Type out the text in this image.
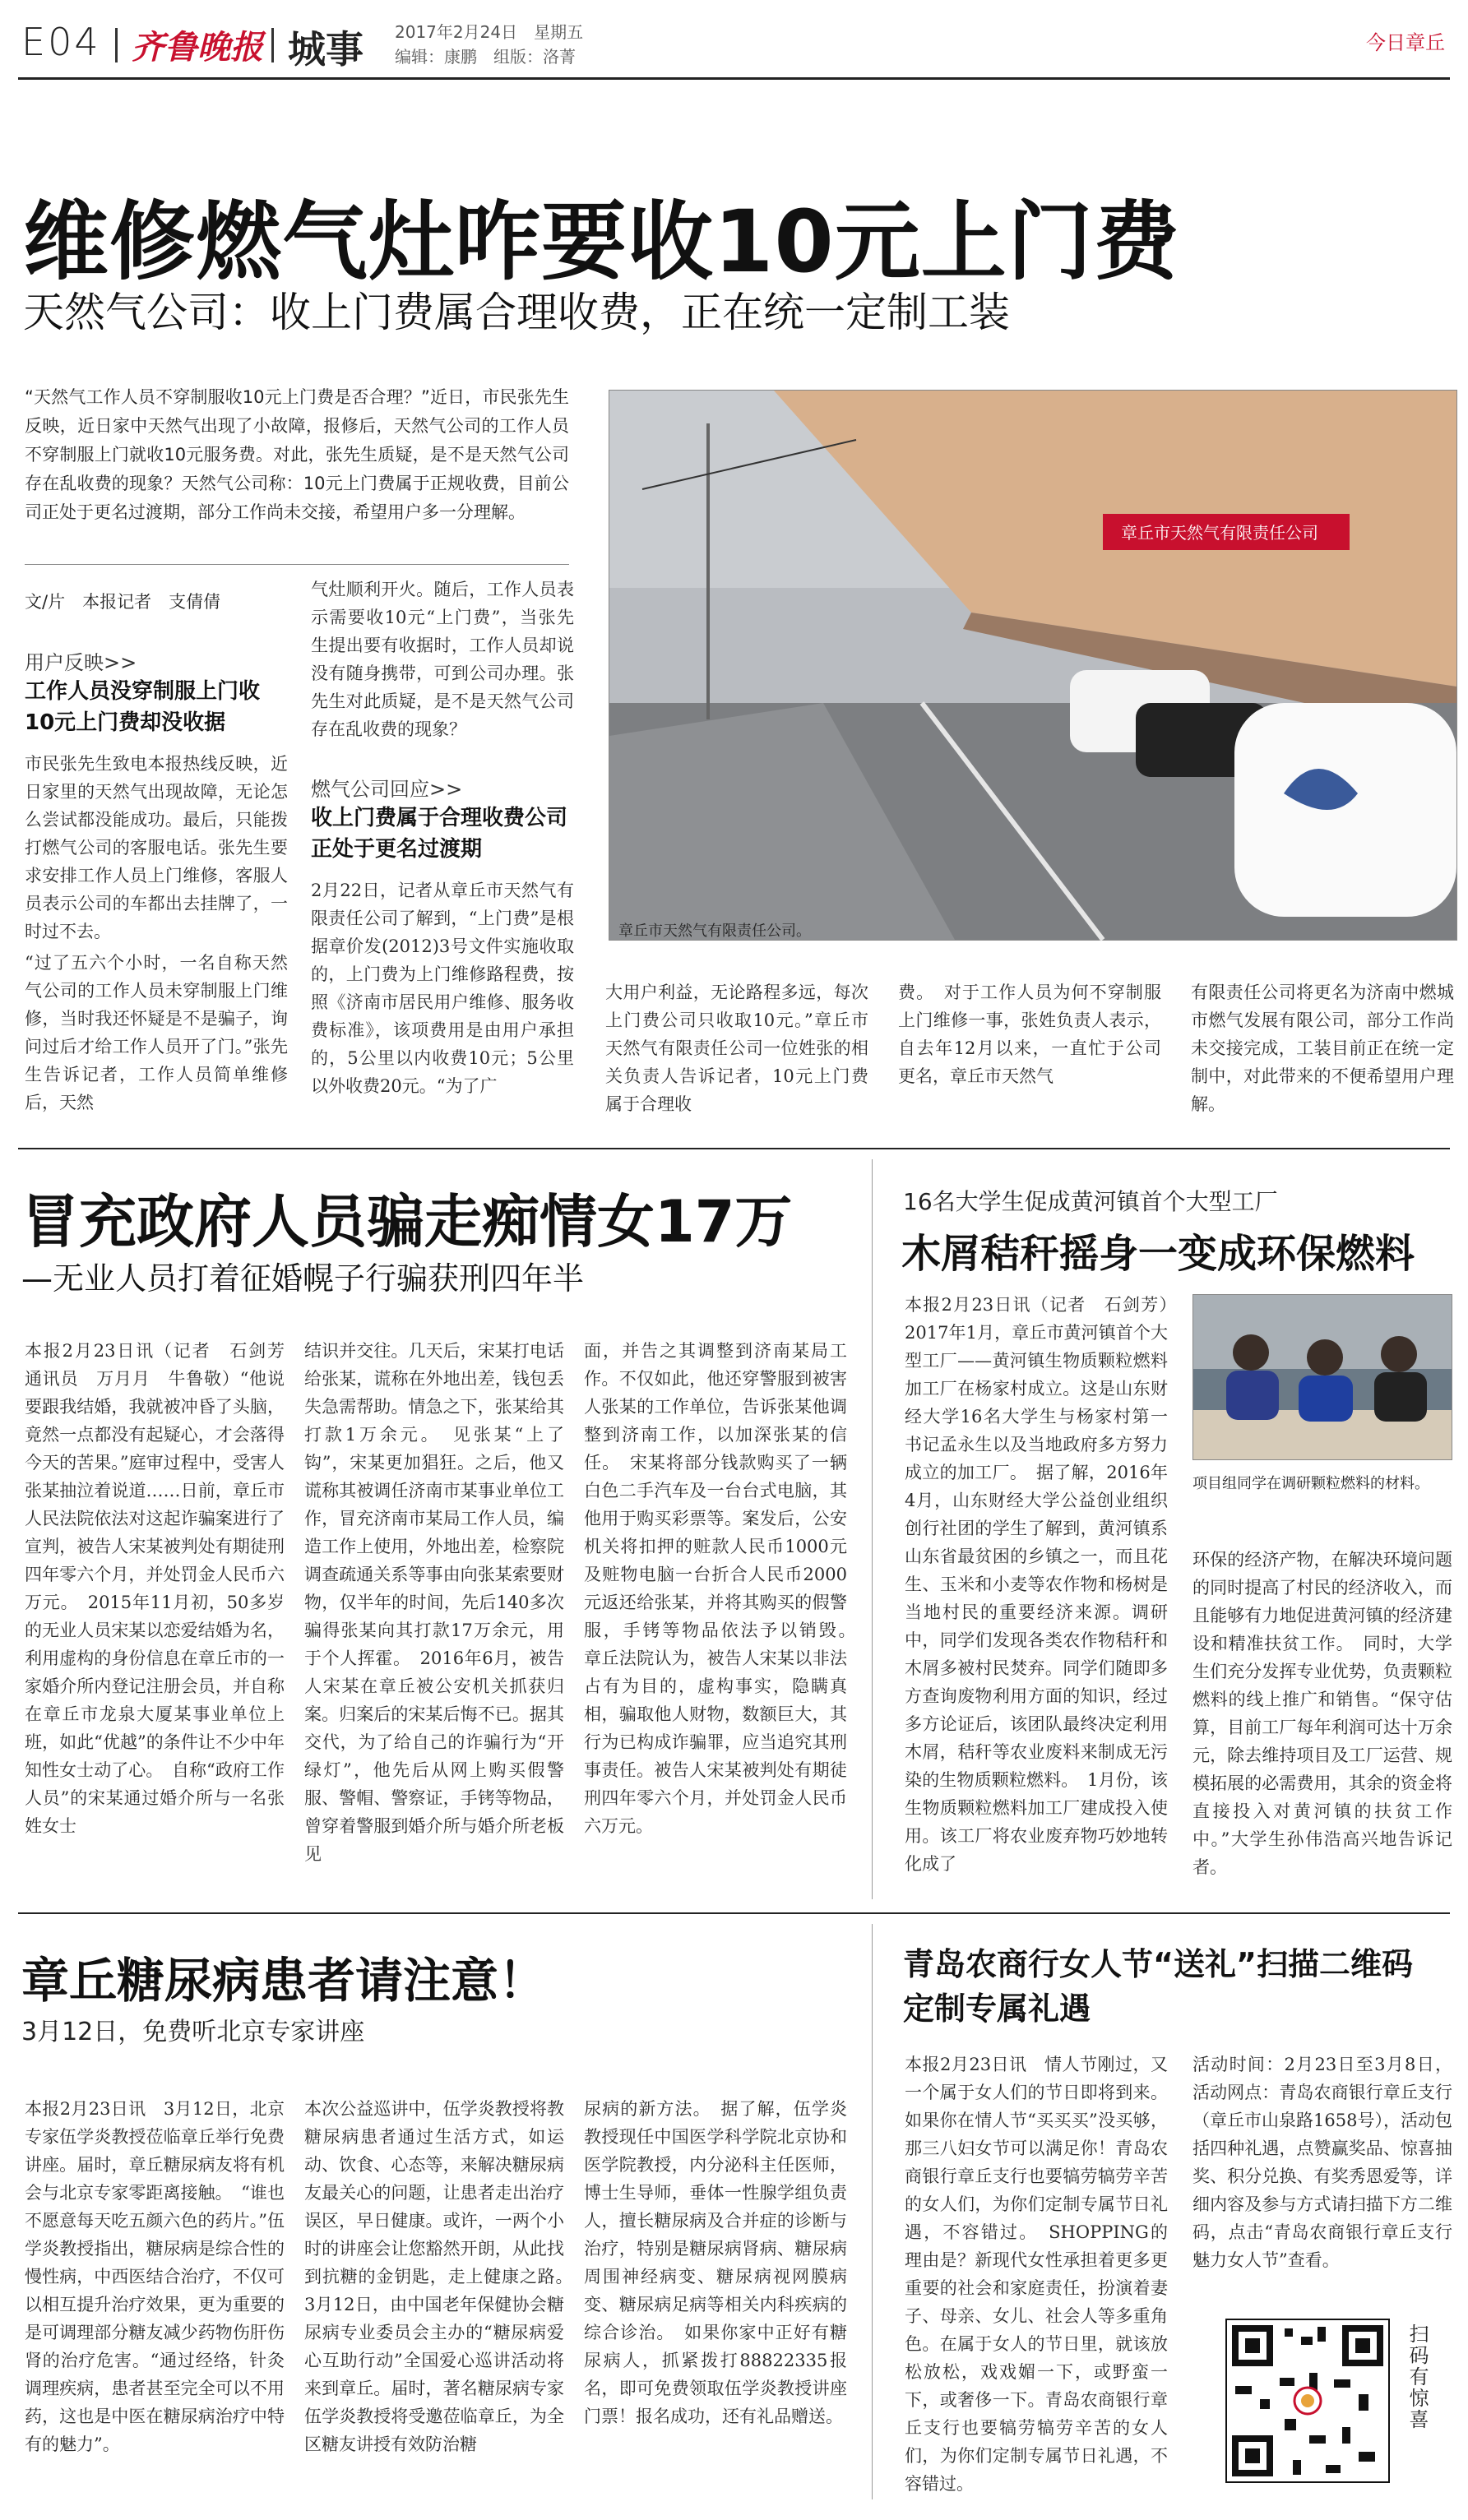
E04 齐鲁晚报 城事 2017年2月24日　星期五
编辑：康鹏　组版：洛菁
今日章丘
维修燃气灶咋要收10元上门费
天然气公司：收上门费属合理收费，正在统一定制工装
“天然气工作人员不穿制服收10元上门费是否合理？”近日，市民张先生反映，近日家中天然气出现了小故障，报修后，天然气公司的工作人员不穿制服上门就收10元服务费。对此，张先生质疑，是不是天然气公司存在乱收费的现象？天然气公司称：10元上门费属于正规收费，目前公司正处于更名过渡期，部分工作尚未交接，希望用户多一分理解。
文/片　本报记者　支倩倩
用户反映>>
工作人员没穿制服上门收10元上门费却没收据
市民张先生致电本报热线反映，近日家里的天然气出现故障，无论怎么尝试都没能成功。最后，只能拨打燃气公司的客服电话。张先生要求安排工作人员上门维修，客服人员表示公司的车都出去挂牌了，一时过不去。
“过了五六个小时，一名自称天然气公司的工作人员未穿制服上门维修，当时我还怀疑是不是骗子，询问过后才给工作人员开了门。”张先生告诉记者，工作人员简单维修后，天然
气灶顺利开火。随后，工作人员表示需要收10元“上门费”，当张先生提出要有收据时，工作人员却说没有随身携带，可到公司办理。张先生对此质疑，是不是天然气公司存在乱收费的现象？
燃气公司回应>>
收上门费属于合理收费公司正处于更名过渡期
2月22日，记者从章丘市天然气有限责任公司了解到，“上门费”是根据章价发(2012)3号文件实施收取的，上门费为上门维修路程费，按照《济南市居民用户维修、服务收费标准》，该项费用是由用户承担的，5公里以内收费10元；5公里以外收费20元。“为了广
章丘市天然气有限责任公司
章丘市天然气有限责任公司。
大用户利益，无论路程多远，每次上门费公司只收取10元。”章丘市天然气有限责任公司一位姓张的相关负责人告诉记者，10元上门费属于合理收
费。　对于工作人员为何不穿制服上门维修一事，张姓负责人表示，自去年12月以来，一直忙于公司更名，章丘市天然气
有限责任公司将更名为济南中燃城市燃气发展有限公司，部分工作尚未交接完成，工装目前正在统一定制中，对此带来的不便希望用户理解。
冒充政府人员骗走痴情女17万
—无业人员打着征婚幌子行骗获刑四年半
本报2月23日讯（记者　石剑芳　通讯员　万月月　牛鲁敬）“他说要跟我结婚，我就被冲昏了头脑，竟然一点都没有起疑心，才会落得今天的苦果。”庭审过程中，受害人张某抽泣着说道……日前，章丘市人民法院依法对这起诈骗案进行了宣判，被告人宋某被判处有期徒刑四年零六个月，并处罚金人民币六万元。　2015年11月初，50多岁的无业人员宋某以恋爱结婚为名，利用虚构的身份信息在章丘市的一家婚介所内登记注册会员，并自称在章丘市龙泉大厦某事业单位上班，如此“优越”的条件让不少中年知性女士动了心。　自称“政府工作人员”的宋某通过婚介所与一名张姓女士
结识并交往。几天后，宋某打电话给张某，谎称在外地出差，钱包丢失急需帮助。情急之下，张某给其打款1万余元。　见张某“上了钩”，宋某更加猖狂。之后，他又谎称其被调任济南市某事业单位工作，冒充济南市某局工作人员，编造工作上使用，外地出差，检察院调查疏通关系等事由向张某索要财物，仅半年的时间，先后140多次骗得张某向其打款17万余元，用于个人挥霍。　2016年6月，被告人宋某在章丘被公安机关抓获归案。归案后的宋某后悔不已。据其交代，为了给自己的诈骗行为“开绿灯”，他先后从网上购买假警服、警帽、警察证，手铐等物品，曾穿着警服到婚介所与婚介所老板见
面，并告之其调整到济南某局工作。不仅如此，他还穿警服到被害人张某的工作单位，告诉张某他调整到济南工作，以加深张某的信任。　宋某将部分钱款购买了一辆白色二手汽车及一台台式电脑，其他用于购买彩票等。案发后，公安机关将扣押的赃款人民币1000元及赃物电脑一台折合人民币2000元返还给张某，并将其购买的假警服，手铐等物品依法予以销毁。　章丘法院认为，被告人宋某以非法占有为目的，虚构事实，隐瞒真相，骗取他人财物，数额巨大，其行为已构成诈骗罪，应当追究其刑事责任。被告人宋某被判处有期徒刑四年零六个月，并处罚金人民币六万元。
16名大学生促成黄河镇首个大型工厂
木屑秸秆摇身一变成环保燃料
本报2月23日讯（记者　石剑芳）　2017年1月，章丘市黄河镇首个大型工厂——黄河镇生物质颗粒燃料加工厂在杨家村成立。这是山东财经大学16名大学生与杨家村第一书记孟永生以及当地政府多方努力成立的加工厂。　据了解，2016年4月，山东财经大学公益创业组织创行社团的学生了解到，黄河镇系山东省最贫困的乡镇之一，而且花生、玉米和小麦等农作物和杨树是当地村民的重要经济来源。调研中，同学们发现各类农作物秸秆和木屑多被村民焚弃。同学们随即多方查询废物利用方面的知识，经过多方论证后，该团队最终决定利用木屑，秸秆等农业废料来制成无污染的生物质颗粒燃料。　1月份，该生物质颗粒燃料加工厂建成投入使用。该工厂将农业废弃物巧妙地转化成了
项目组同学在调研颗粒燃料的材料。
环保的经济产物，在解决环境问题的同时提高了村民的经济收入，而且能够有力地促进黄河镇的经济建设和精准扶贫工作。　同时，大学生们充分发挥专业优势，负责颗粒燃料的线上推广和销售。“保守估算，目前工厂每年利润可达十万余元，除去维持项目及工厂运营、规模拓展的必需费用，其余的资金将直接投入对黄河镇的扶贫工作中。”大学生孙伟浩高兴地告诉记者。
章丘糖尿病患者请注意！
3月12日，免费听北京专家讲座
本报2月23日讯　3月12日，北京专家伍学炎教授莅临章丘举行免费讲座。届时，章丘糖尿病友将有机会与北京专家零距离接触。　“谁也不愿意每天吃五颜六色的药片。”伍学炎教授指出，糖尿病是综合性的慢性病，中西医结合治疗，不仅可以相互提升治疗效果，更为重要的是可调理部分糖友减少药物伤肝伤肾的治疗危害。“通过经络，针灸调理疾病，患者甚至完全可以不用药，这也是中医在糖尿病治疗中特有的魅力”。
本次公益巡讲中，伍学炎教授将教糖尿病患者通过生活方式，如运动、饮食、心态等，来解决糖尿病友最关心的问题，让患者走出治疗误区，早日健康。或许，一两个小时的讲座会让您豁然开朗，从此找到抗糖的金钥匙，走上健康之路。　3月12日，由中国老年保健协会糖尿病专业委员会主办的“糖尿病爱心互助行动”全国爱心巡讲活动将来到章丘。届时，著名糖尿病专家伍学炎教授将受邀莅临章丘，为全区糖友讲授有效防治糖
尿病的新方法。　据了解，伍学炎教授现任中国医学科学院北京协和医学院教授，内分泌科主任医师，博士生导师，垂体一性腺学组负责人，擅长糖尿病及合并症的诊断与治疗，特别是糖尿病肾病、糖尿病周围神经病变、糖尿病视网膜病变、糖尿病足病等相关内科疾病的综合诊治。　如果你家中正好有糖尿病人，抓紧拨打88822335报名，即可免费领取伍学炎教授讲座门票！报名成功，还有礼品赠送。
青岛农商行女人节“送礼”扫描二维码定制专属礼遇
本报2月23日讯　情人节刚过，又一个属于女人们的节日即将到来。如果你在情人节“买买买”没买够，那三八妇女节可以满足你！青岛农商银行章丘支行也要犒劳犒劳辛苦的女人们，为你们定制专属节日礼遇，不容错过。　SHOPPING的理由是？新现代女性承担着更多更重要的社会和家庭责任，扮演着妻子、母亲、女儿、社会人等多重角色。在属于女人的节日里，就该放松放松，戏戏媚一下，或野蛮一下，或奢侈一下。青岛农商银行章丘支行也要犒劳犒劳辛苦的女人们，为你们定制专属节日礼遇，不容错过。
活动时间：2月23日至3月8日，活动网点：青岛农商银行章丘支行（章丘市山泉路1658号），活动包括四种礼遇，点赞赢奖品、惊喜抽奖、积分兑换、有奖秀恩爱等，详细内容及参与方式请扫描下方二维码，点击“青岛农商银行章丘支行魅力女人节”查看。
扫码有惊喜
